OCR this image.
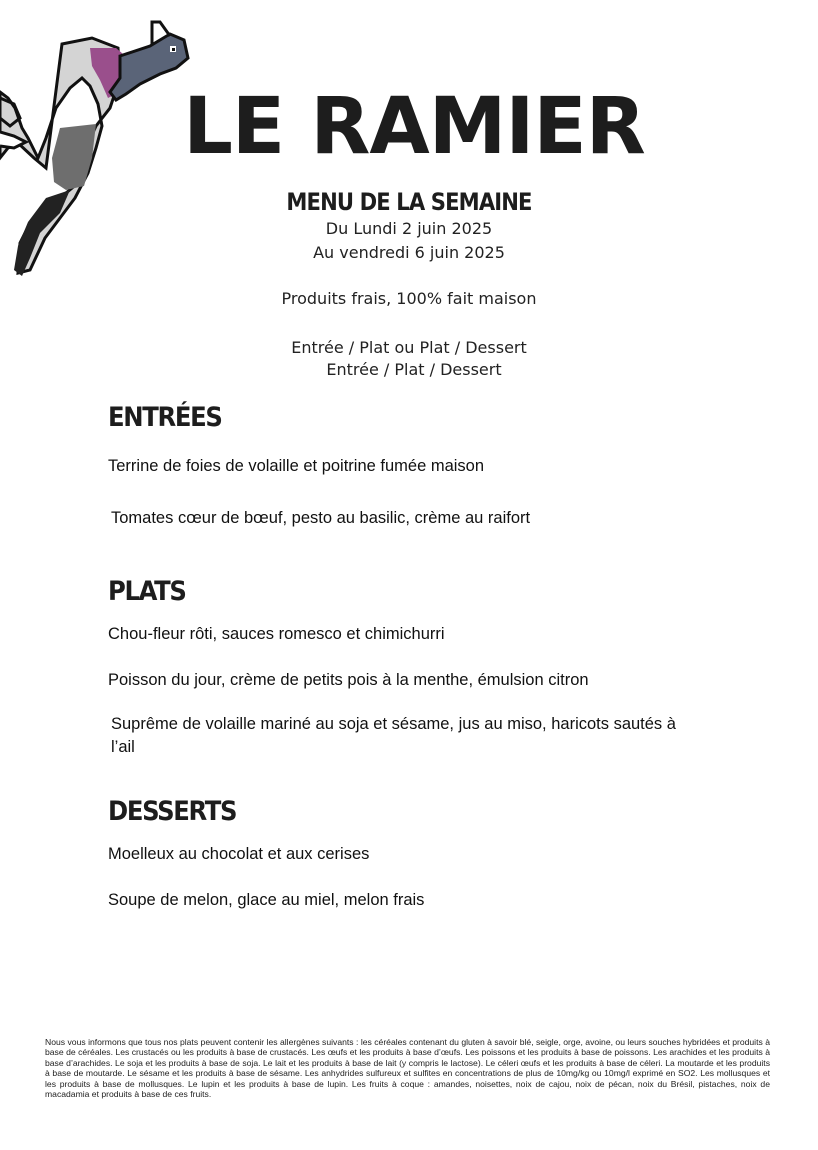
LE RAMIER
MENU DE LA SEMAINE
Du Lundi 2 juin 2025
Au vendredi 6 juin 2025
Produits frais, 100% fait maison
Entrée / Plat ou Plat / Dessert
Entrée / Plat / Dessert
ENTRÉES
Terrine de foies de volaille et poitrine fumée maison
Tomates cœur de bœuf, pesto au basilic, crème au raifort
PLATS
Chou-fleur rôti, sauces romesco et chimichurri
Poisson du jour, crème de petits pois à la menthe, émulsion citron
Suprême de volaille mariné au soja et sésame, jus au miso, haricots sautés à l’ail
DESSERTS
Moelleux au chocolat et aux cerises
Soupe de melon, glace au miel, melon frais
Nous vous informons que tous nos plats peuvent contenir les allergènes suivants : les céréales contenant du gluten à savoir blé, seigle, orge, avoine, ou leurs souches hybridées et produits à base de céréales. Les crustacés ou les produits à base de crustacés. Les œufs et les produits à base d’œufs. Les poissons et les produits à base de poissons. Les arachides et les produits à base d’arachides. Le soja et les produits à base de soja. Le lait et les produits à base de lait (y compris le lactose). Le céleri œufs et les produits à base de céleri. La moutarde et les produits à base de moutarde. Le sésame et les produits à base de sésame. Les anhydrides sulfureux et sulfites en concentrations de plus de 10mg/kg ou 10mg/l exprimé en SO2. Les mollusques et les produits à base de mollusques. Le lupin et les produits à base de lupin. Les fruits à coque : amandes, noisettes, noix de cajou, noix de pécan, noix du Brésil, pistaches, noix de macadamia et produits à base de ces fruits.
